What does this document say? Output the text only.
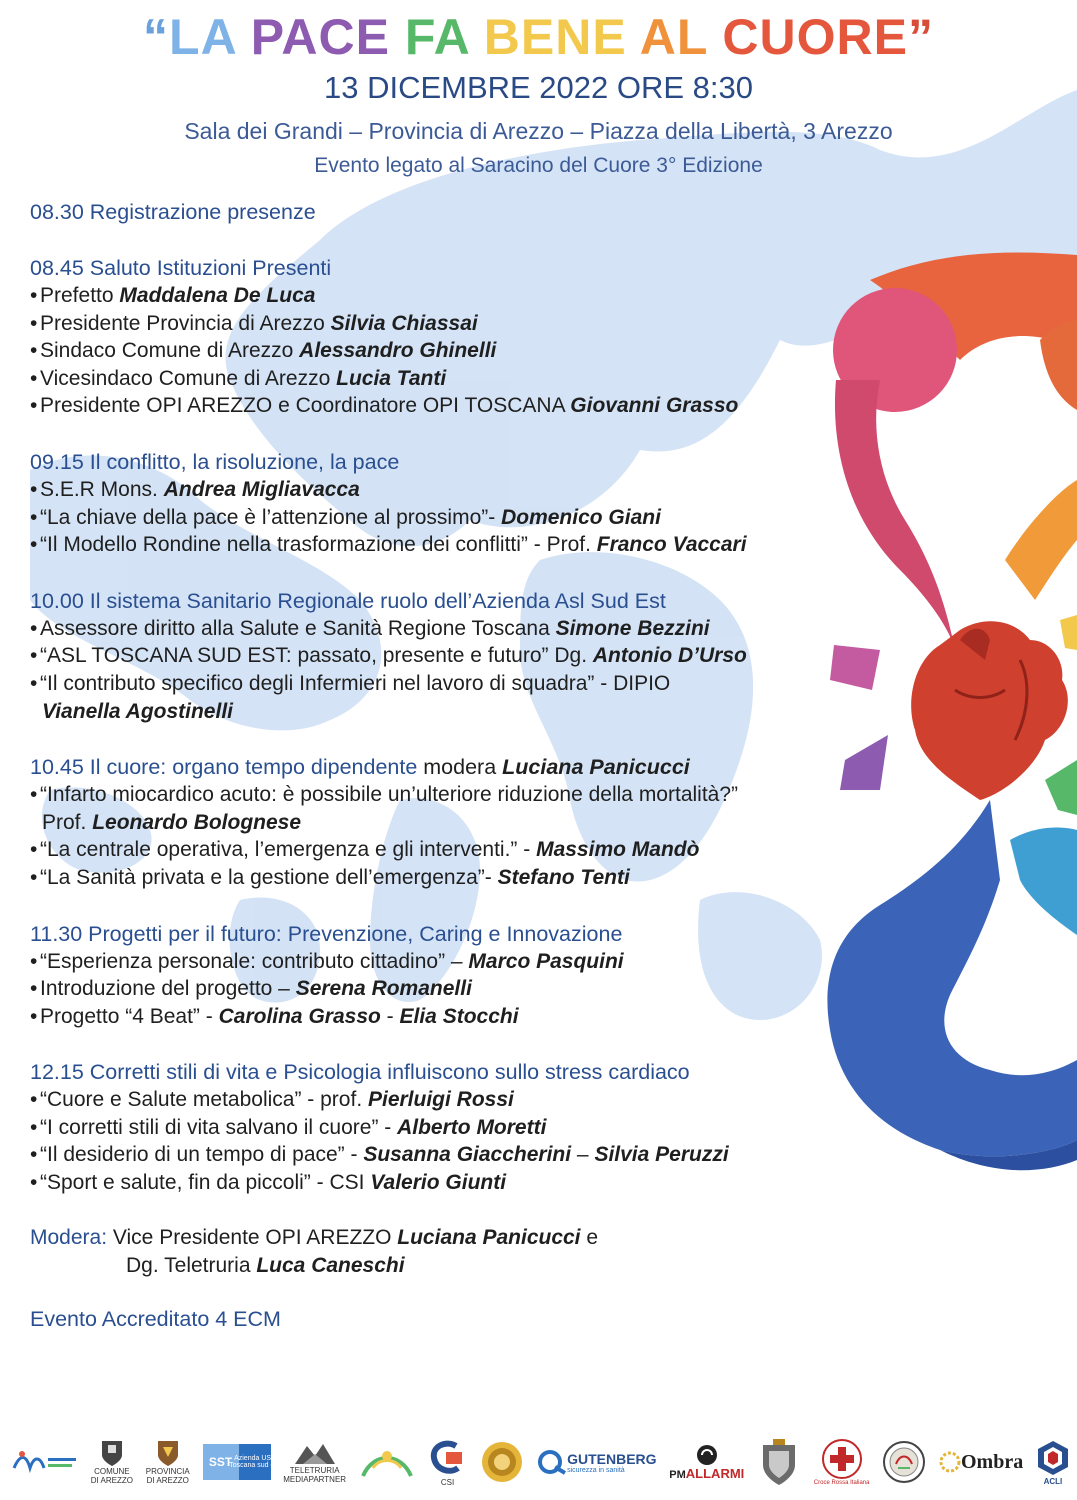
“LA PACE FA BENE AL CUORE”
13 DICEMBRE 2022 ORE 8:30
Sala dei Grandi – Provincia di Arezzo – Piazza della Libertà, 3 Arezzo
Evento legato al Saracino del Cuore 3° Edizione
08.30 Registrazione presenze
08.45 Saluto Istituzioni Presenti
• Prefetto Maddalena De Luca
• Presidente Provincia di Arezzo Silvia Chiassai
• Sindaco Comune di Arezzo Alessandro Ghinelli
• Vicesindaco Comune di Arezzo Lucia Tanti
• Presidente OPI AREZZO e Coordinatore OPI TOSCANA Giovanni Grasso
09.15 Il conflitto, la risoluzione, la pace
• S.E.R Mons. Andrea Migliavacca
• “La chiave della pace è l’attenzione al prossimo”- Domenico Giani
• “Il Modello Rondine nella trasformazione dei conflitti” - Prof. Franco Vaccari
10.00 Il sistema Sanitario Regionale ruolo dell’Azienda Asl Sud Est
• Assessore diritto alla Salute e Sanità Regione Toscana Simone Bezzini
• “ASL TOSCANA SUD EST: passato, presente e futuro” Dg. Antonio D’Urso
• “Il contributo specifico degli Infermieri nel lavoro di squadra” - DIPIO
Vianella Agostinelli
10.45 Il cuore: organo tempo dipendente modera Luciana Panicucci
• “Infarto miocardico acuto: è possibile un’ulteriore riduzione della mortalità?”
Prof. Leonardo Bolognese
• “La centrale operativa, l’emergenza e gli interventi.” - Massimo Mandò
• “La Sanità privata e la gestione dell’emergenza”- Stefano Tenti
11.30 Progetti per il futuro: Prevenzione, Caring e Innovazione
• “Esperienza personale: contributo cittadino” – Marco Pasquini
• Introduzione del progetto – Serena Romanelli
• Progetto “4 Beat” - Carolina Grasso - Elia Stocchi
12.15 Corretti stili di vita e Psicologia influiscono sullo stress cardiaco
• “Cuore e Salute metabolica” - prof. Pierluigi Rossi
• “I corretti stili di vita salvano il cuore” - Alberto Moretti
• “Il desiderio di un tempo di pace” - Susanna Giaccherini – Silvia Peruzzi
• “Sport e salute, fin da piccoli” - CSI Valerio Giunti
Modera: Vice Presidente OPI AREZZO Luciana Panicucci e
Dg. Teletruria Luca Caneschi
Evento Accreditato 4 ECM
COMUNE
DI AREZZO
PROVINCIA
DI AREZZO
SST Azienda USL
Toscana sud est
TELETRURIA
MEDIAPARTNER	CSI
GUTENBERG
sicurezza in sanità	PM ALLARMI
Croce Rossa Italiana
Ombra
ACLI
